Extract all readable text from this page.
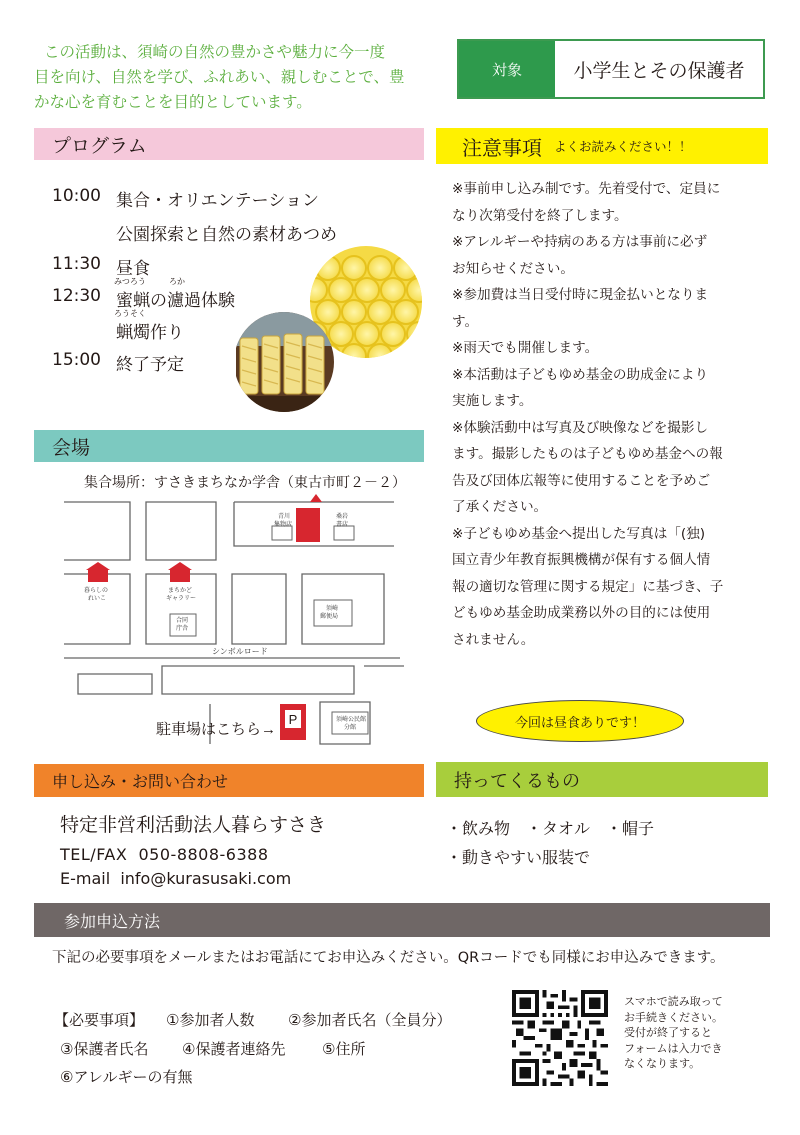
この活動は、須崎の自然の豊かさや魅力に今一度
目を向け、自然を学び、ふれあい、親しむことで、豊
かな心を育むことを目的としています。
対象	小学生とその保護者
プログラム
10:00 集合・オリエンテーション
公園探索と自然の素材あつめ
11:30 昼食
12:30
みつろう
蜜蝋の
ろか
濾過体験
ろうそく
蝋燭作り
15:00 終了予定
注意事項 よくお読みください！！

※事前申し込み制です。先着受付で、定員に

なり次第受付を終了します。

※アレルギーや持病のある方は事前に必ず

お知らせください。

※参加費は当日受付時に現金払いとなりま

す。

※雨天でも開催します。

※本活動は子どもゆめ基金の助成金により

実施します。

※体験活動中は写真及び映像などを撮影し

ます。撮影したものは子どもゆめ基金への報

告及び団体広報等に使用することを予めご

了承ください。

※子どもゆめ基金へ提出した写真は「(独)

国立青少年教育振興機構が保有する個人情

報の適切な管理に関する規定」に基づき、子

どもゆめ基金助成業務以外の目的には使用

されません。

今回は昼食ありです！
会場
集合場所：すさきまちなか学舎（東古市町２－２）
P
青川
集物店
桑岩
書店
暮らしの
れいこ
まちかど
ギャラリー
合同
庁舎
須崎
郵便局
須崎公民館
分館
シンボルロード
駐車場はこちら→
申し込み・お問い合わせ
特定非営利活動法人暮らすさき
TEL/FAX  050-8808-6388
E-mail  info@kurasusaki.com
持ってくるもの
・飲み物　・タオル　・帽子
・動きやすい服装で
参加申込方法
下記の必要事項をメールまたはお電話にてお申込みください。QRコードでも同様にお申込みできます。
【必要事項】 ①参加者人数 ②参加者氏名（全員分）
③保護者氏名 ④保護者連絡先 ⑤住所
⑥アレルギーの有無
スマホで読み取って
お手続きください。
受付が終了すると
フォームは入力でき
なくなります。
